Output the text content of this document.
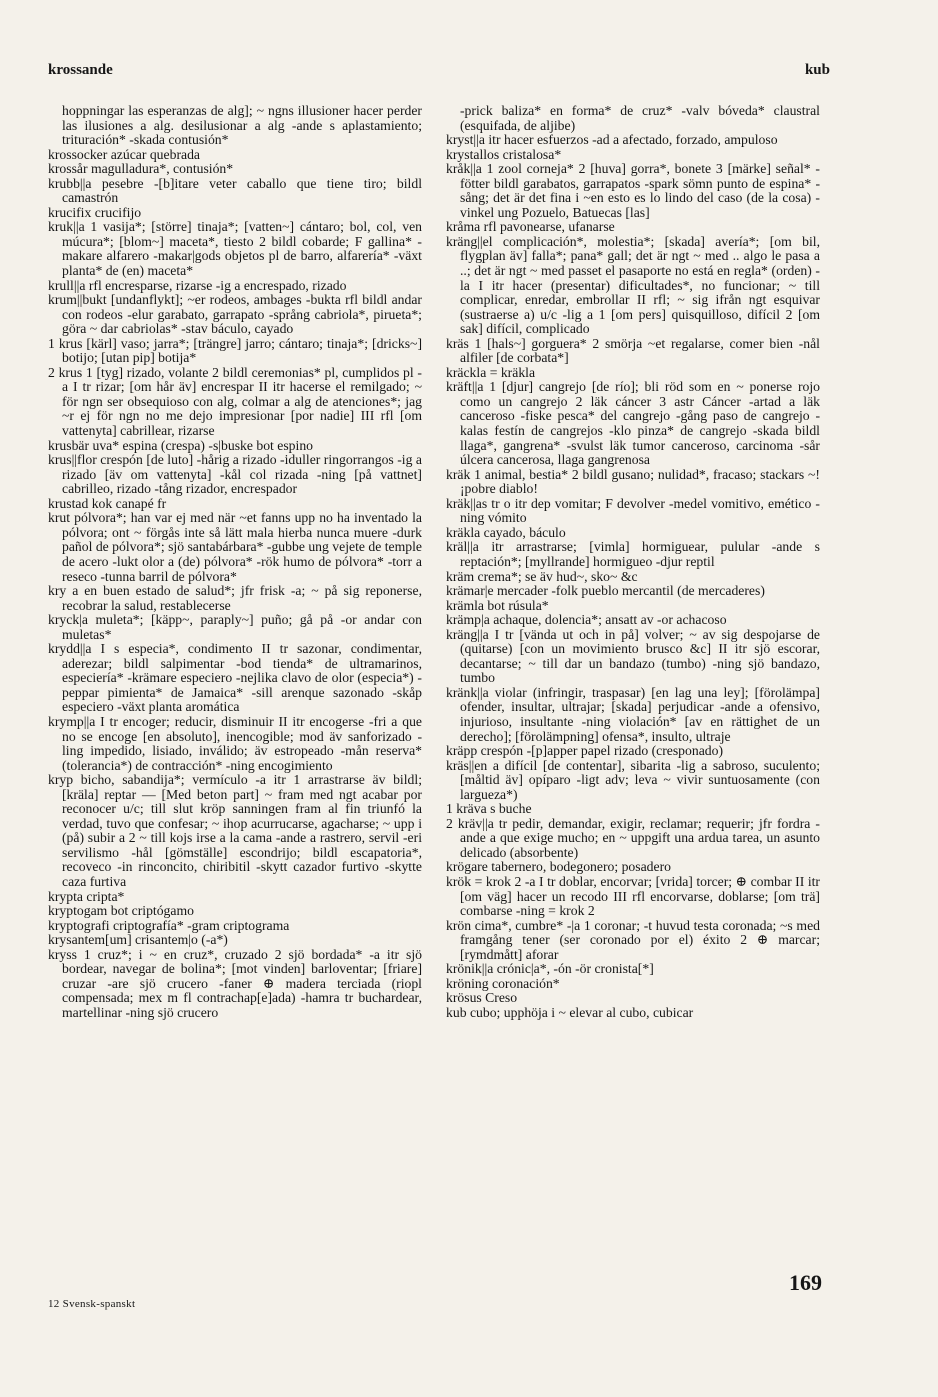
krossande	kub

hoppningar las esperanzas de alg]; ~ ngns illusioner hacer perder las ilusiones a alg. desilusionar a alg -ande s aplastamiento; trituración* -skada contusión*

krossocker azúcar quebrada

krossår magulladura*, contusión*

krubb||a pesebre -[b]itare veter caballo que tiene tiro; bildl camastrón

krucifix crucifijo

kruk||a 1 vasija*; [större] tinaja*; [vatten~] cántaro; bol, col, ven múcura*; [blom~] maceta*, tiesto 2 bildl cobarde; F gallina* -makare alfarero -makar|gods objetos pl de barro, alfarería* -växt planta* de (en) maceta*

krull||a rfl encresparse, rizarse -ig a encrespado, rizado

krum||bukt [undanflykt]; ~er rodeos, ambages -bukta rfl bildl andar con rodeos -elur garabato, garrapato -språng cabriola*, pirueta*; göra ~ dar cabriolas* -stav báculo, cayado

1 krus [kärl] vaso; jarra*; [trängre] jarro; cántaro; tinaja*; [dricks~] botijo; [utan pip] botija*

2 krus 1 [tyg] rizado, volante 2 bildl ceremonias* pl, cumplidos pl -a I tr rizar; [om hår äv] encrespar II itr hacerse el remilgado; ~ för ngn ser obsequioso con alg, colmar a alg de atenciones*; jag ~r ej för ngn no me dejo impresionar [por nadie] III rfl [om vattenyta] cabrillear, rizarse

krusbär uva* espina (crespa) -s|buske bot espino

krus||flor crespón [de luto] -hårig a rizado -iduller ringorrangos -ig a rizado [äv om vattenyta] -kål col rizada -ning [på vattnet] cabrilleo, rizado -tång rizador, encrespador

krustad kok canapé fr

krut pólvora*; han var ej med när ~et fanns upp no ha inventado la pólvora; ont ~ förgås inte så lätt mala hierba nunca muere -durk pañol de pólvora*; sjö santabárbara* -gubbe ung vejete de temple de acero -lukt olor a (de) pólvora* -rök humo de pólvora* -torr a reseco -tunna barril de pólvora*

kry a en buen estado de salud*; jfr frisk -a; ~ på sig reponerse, recobrar la salud, restablecerse

kryck|a muleta*; [käpp~, paraply~] puño; gå på -or andar con muletas*

krydd||a I s especia*, condimento II tr sazonar, condimentar, aderezar; bildl salpimentar -bod tienda* de ultramarinos, especiería* -krämare especiero -nejlika clavo de olor (especia*) -peppar pimienta* de Jamaica* -sill arenque sazonado -skåp especiero -växt planta aromática

krymp||a I tr encoger; reducir, disminuir II itr encogerse -fri a que no se encoge [en absoluto], inencogible; mod äv sanforizado -ling impedido, lisiado, inválido; äv estropeado -mån reserva* (tolerancia*) de contracción* -ning encogimiento

kryp bicho, sabandija*; vermículo -a itr 1 arrastrarse äv bildl; [kräla] reptar — [Med beton part] ~ fram med ngt acabar por reconocer u/c; till slut kröp sanningen fram al fin triunfó la verdad, tuvo que confesar; ~ ihop acurrucarse, agacharse; ~ upp i (på) subir a 2 ~ till kojs irse a la cama -ande a rastrero, servil -eri servilismo -hål [gömställe] escondrijo; bildl escapatoria*, recoveco -in rinconcito, chiribitil -skytt cazador furtivo -skytte caza furtiva

krypta cripta*

kryptogam bot criptógamo

kryptografi criptografía* -gram criptograma

krysantem[um] crisantem|o (-a*)

kryss 1 cruz*; i ~ en cruz*, cruzado 2 sjö bordada* -a itr sjö bordear, navegar de bolina*; [mot vinden] barloventar; [friare] cruzar -are sjö crucero -faner ⊕ madera terciada (riopl compensada; mex m fl contrachap[e]ada) -hamra tr buchardear, martellinar -ning sjö crucero

-prick baliza* en forma* de cruz* -valv bóveda* claustral (esquifada, de aljibe)

kryst||a itr hacer esfuerzos -ad a afectado, forzado, ampuloso

krystallos cristalosa*

kråk||a 1 zool corneja* 2 [huva] gorra*, bonete 3 [märke] señal* -fötter bildl garabatos, garrapatos -spark sömn punto de espina* -sång; det är det fina i ~en esto es lo lindo del caso (de la cosa) -vinkel ung Pozuelo, Batuecas [las]

kråma rfl pavonearse, ufanarse

kräng||el complicación*, molestia*; [skada] avería*; [om bil, flygplan äv] falla*; pana* gall; det är ngt ~ med .. algo le pasa a ..; det är ngt ~ med passet el pasaporte no está en regla* (orden) -la I itr hacer (presentar) dificultades*, no funcionar; ~ till complicar, enredar, embrollar II rfl; ~ sig ifrån ngt esquivar (sustraerse a) u/c -lig a 1 [om pers] quisquilloso, difícil 2 [om sak] difícil, complicado

kräs 1 [hals~] gorguera* 2 smörja ~et regalarse, comer bien -nål alfiler [de corbata*]

kräckla = kräkla

kräft||a 1 [djur] cangrejo [de río]; bli röd som en ~ ponerse rojo como un cangrejo 2 läk cáncer 3 astr Cáncer -artad a läk canceroso -fiske pesca* del cangrejo -gång paso de cangrejo -kalas festín de cangrejos -klo pinza* de cangrejo -skada bildl llaga*, gangrena* -svulst läk tumor canceroso, carcinoma -sår úlcera cancerosa, llaga gangrenosa

kräk 1 animal, bestia* 2 bildl gusano; nulidad*, fracaso; stackars ~! ¡pobre diablo!

kräk||as tr o itr dep vomitar; F devolver -medel vomitivo, emético -ning vómito

kräkla cayado, báculo

kräl||a itr arrastrarse; [vimla] hormiguear, pulular -ande s reptación*; [myllrande] hormigueo -djur reptil

kräm crema*; se äv hud~, sko~ &c

krämar|e mercader -folk pueblo mercantil (de mercaderes)

krämla bot rúsula*

krämp|a achaque, dolencia*; ansatt av -or achacoso

kräng||a I tr [vända ut och in på] volver; ~ av sig despojarse de (quitarse) [con un movimiento brusco &c] II itr sjö escorar, decantarse; ~ till dar un bandazo (tumbo) -ning sjö bandazo, tumbo

kränk||a violar (infringir, traspasar) [en lag una ley]; [förolämpa] ofender, insultar, ultrajar; [skada] perjudicar -ande a ofensivo, injurioso, insultante -ning violación* [av en rättighet de un derecho]; [förolämpning] ofensa*, insulto, ultraje

kräpp crespón -[p]apper papel rizado (cresponado)

kräs||en a difícil [de contentar], sibarita -lig a sabroso, suculento; [måltid äv] opíparo -ligt adv; leva ~ vivir suntuosamente (con largueza*)

1 kräva s buche

2 kräv||a tr pedir, demandar, exigir, reclamar; requerir; jfr fordra -ande a que exige mucho; en ~ uppgift una ardua tarea, un asunto delicado (absorbente)

krögare tabernero, bodegonero; posadero

krök = krok 2 -a I tr doblar, encorvar; [vrida] torcer; ⊕ combar II itr [om väg] hacer un recodo III rfl encorvarse, doblarse; [om trä] combarse -ning = krok 2

krön cima*, cumbre* -|a 1 coronar; -t huvud testa coronada; ~s med framgång tener (ser coronado por el) éxito 2 ⊕ marcar; [rymdmått] aforar

krönik||a crónic|a*, -ón -ör cronista[*]

kröning coronación*

krösus Creso

kub cubo; upphöja i ~ elevar al cubo, cubicar

12 Svensk-spanskt
169
